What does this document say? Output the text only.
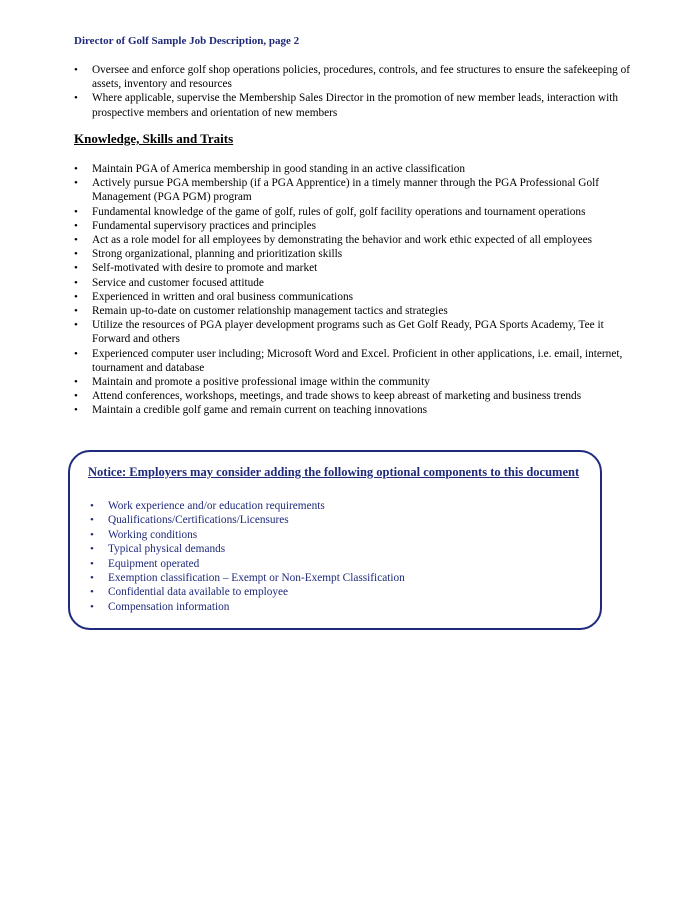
Director of Golf Sample Job Description, page 2
• Oversee and enforce golf shop operations policies, procedures, controls, and fee structures to ensure the safekeeping of assets, inventory and resources
• Where applicable, supervise the Membership Sales Director in the promotion of new member leads, interaction with prospective members and orientation of new members
Knowledge, Skills and Traits
• Maintain PGA of America membership in good standing in an active classification
• Actively pursue PGA membership (if a PGA Apprentice) in a timely manner through the PGA Professional Golf Management (PGA PGM) program
• Fundamental knowledge of the game of golf, rules of golf, golf facility operations and tournament operations
• Fundamental supervisory practices and principles
• Act as a role model for all employees by demonstrating the behavior and work ethic expected of all employees
• Strong organizational, planning and prioritization skills
• Self-motivated with desire to promote and market
• Service and customer focused attitude
• Experienced in written and oral business communications
• Remain up-to-date on customer relationship management tactics and strategies
• Utilize the resources of PGA player development programs such as Get Golf Ready, PGA Sports Academy, Tee it Forward and others
• Experienced computer user including; Microsoft Word and Excel. Proficient in other applications, i.e. email, internet, tournament and database
• Maintain and promote a positive professional image within the community
• Attend conferences, workshops, meetings, and trade shows to keep abreast of marketing and business trends
• Maintain a credible golf game and remain current on teaching innovations
Notice: Employers may consider adding the following optional components to this document
• Work experience and/or education requirements
• Qualifications/Certifications/Licensures
• Working conditions
• Typical physical demands
• Equipment operated
• Exemption classification – Exempt or Non-Exempt Classification
• Confidential data available to employee
• Compensation information
